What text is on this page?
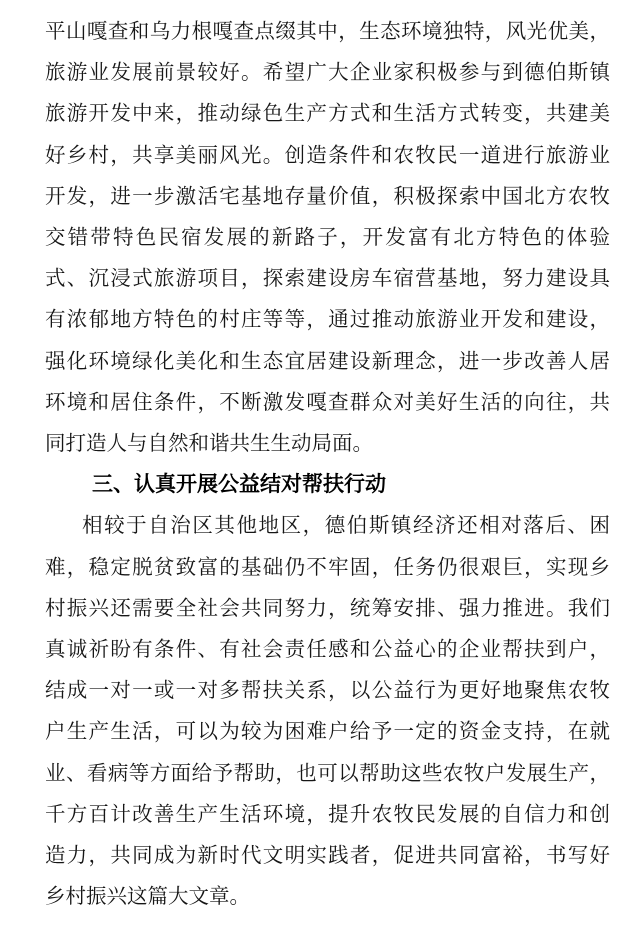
平山嘎查和乌力根嘎查点缀其中，生态环境独特，风光优美，
旅游业发展前景较好。希望广大企业家积极参与到德伯斯镇
旅游开发中来，推动绿色生产方式和生活方式转变，共建美
好乡村，共享美丽风光。创造条件和农牧民一道进行旅游业
开发，进一步激活宅基地存量价值，积极探索中国北方农牧
交错带特色民宿发展的新路子，开发富有北方特色的体验
式、沉浸式旅游项目，探索建设房车宿营基地，努力建设具
有浓郁地方特色的村庄等等，通过推动旅游业开发和建设，
强化环境绿化美化和生态宜居建设新理念，进一步改善人居
环境和居住条件，不断激发嘎查群众对美好生活的向往，共
同打造人与自然和谐共生生动局面。

三、认真开展公益结对帮扶行动

相较于自治区其他地区，德伯斯镇经济还相对落后、困
难，稳定脱贫致富的基础仍不牢固，任务仍很艰巨，实现乡
村振兴还需要全社会共同努力，统筹安排、强力推进。我们
真诚祈盼有条件、有社会责任感和公益心的企业帮扶到户，
结成一对一或一对多帮扶关系，以公益行为更好地聚焦农牧
户生产生活，可以为较为困难户给予一定的资金支持，在就
业、看病等方面给予帮助，也可以帮助这些农牧户发展生产，
千方百计改善生产生活环境，提升农牧民发展的自信力和创
造力，共同成为新时代文明实践者，促进共同富裕，书写好
乡村振兴这篇大文章。
